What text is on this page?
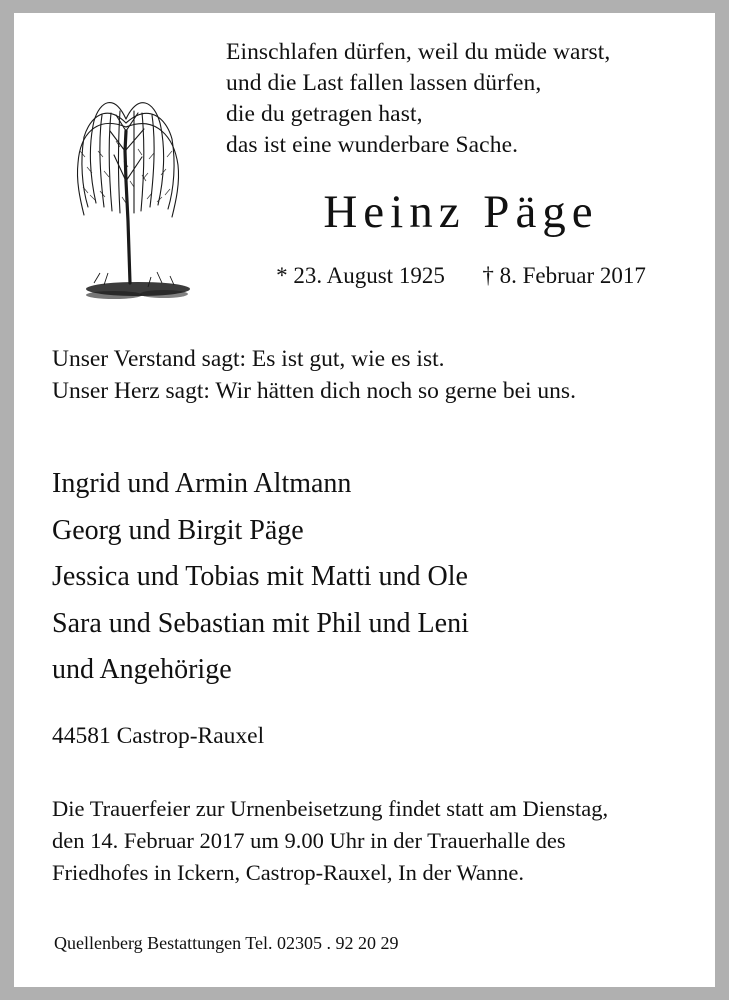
Einschlafen dürfen, weil du müde warst,
und die Last fallen lassen dürfen,
die du getragen hast,
das ist eine wunderbare Sache.
Heinz Päge
* 23. August 1925 † 8. Februar 2017
Unser Verstand sagt: Es ist gut, wie es ist.
Unser Herz sagt: Wir hätten dich noch so gerne bei uns.
Ingrid und Armin Altmann
Georg und Birgit Päge
Jessica und Tobias mit Matti und Ole
Sara und Sebastian mit Phil und Leni
und Angehörige
44581 Castrop-Rauxel
Die Trauerfeier zur Urnenbeisetzung findet statt am Dienstag,
den 14. Februar 2017 um 9.00 Uhr in der Trauerhalle des
Friedhofes in Ickern, Castrop-Rauxel, In der Wanne.
Quellenberg Bestattungen Tel. 02305 . 92 20 29
